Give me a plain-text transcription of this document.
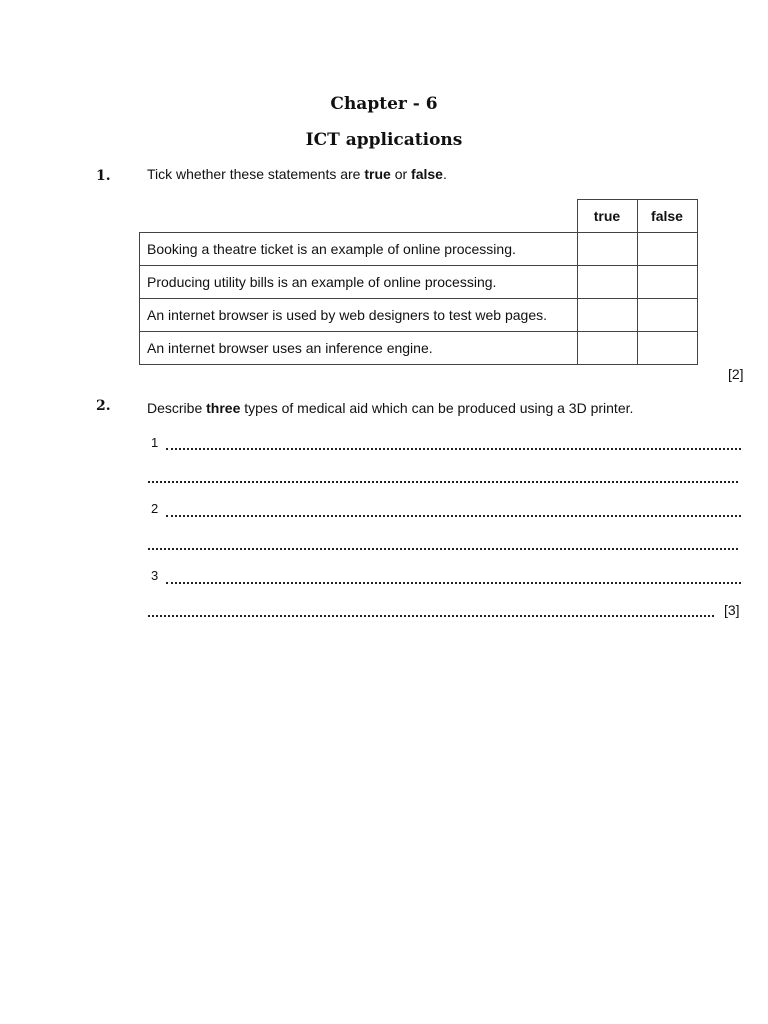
Chapter - 6
ICT applications
1.	Tick whether these statements are true or false.
	true	false
Booking a theatre ticket is an example of online processing.		
Producing utility bills is an example of online processing.		
An internet browser is used by web designers to test web pages.		
An internet browser uses an inference engine.		
[2]
2.	Describe three types of medical aid which can be produced using a 3D printer.
1
2
3
[3]
